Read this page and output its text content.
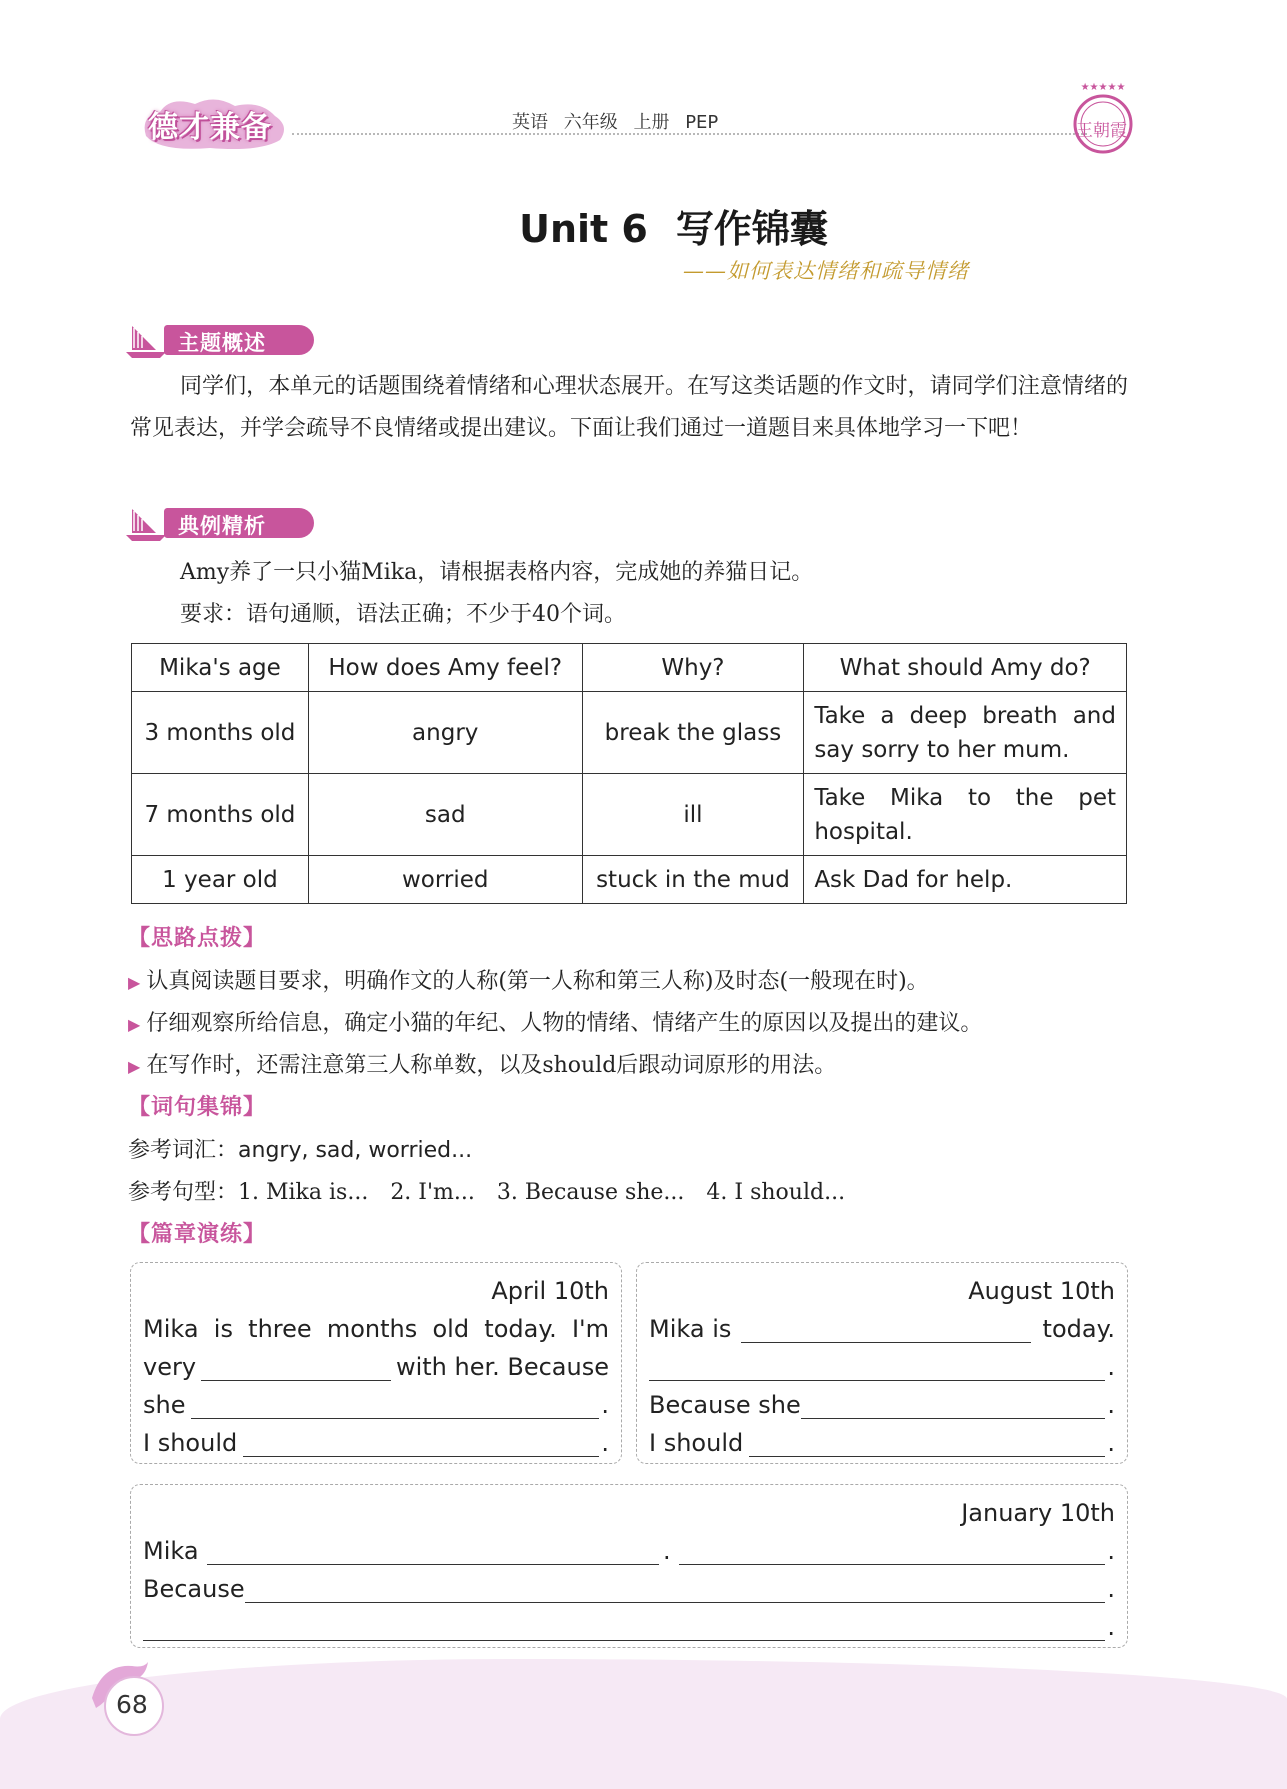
德才兼备	英语 六年级 上册 PEP
★★★★★
王朝霞
Unit 6 写作锦囊
——如何表达情绪和疏导情绪
主题概述
同学们，本单元的话题围绕着情绪和心理状态展开。在写这类话题的作文时，请同学们注意情绪的常见表达，并学会疏导不良情绪或提出建议。下面让我们通过一道题目来具体地学习一下吧！
典例精析
Amy养了一只小猫Mika，请根据表格内容，完成她的养猫日记。
要求：语句通顺，语法正确；不少于40个词。
Mika's age	How does Amy feel?	Why?	What should Amy do?
3 months old	angry	break the glass	Take a deep breath and say sorry to her mum.
7 months old	sad	ill	Take Mika to the pet hospital.
1 year old	worried	stuck in the mud	Ask Dad for help.
【思路点拨】
▶ 认真阅读题目要求，明确作文的人称(第一人称和第三人称)及时态(一般现在时)。
▶ 仔细观察所给信息，确定小猫的年纪、人物的情绪、情绪产生的原因以及提出的建议。
▶ 在写作时，还需注意第三人称单数，以及should后跟动词原形的用法。
【词句集锦】
参考词汇：angry, sad, worried...
参考句型：1. Mika is... 2. I'm... 3. Because she... 4. I should...
【篇章演练】
April 10th
Mika is three months old today. I'm
very	with her. Because
she	.
I should	.
August 10th
Mika is	today.
.
Because she	.
I should	.
January 10th
Mika	.	.
Because	.
.
68
